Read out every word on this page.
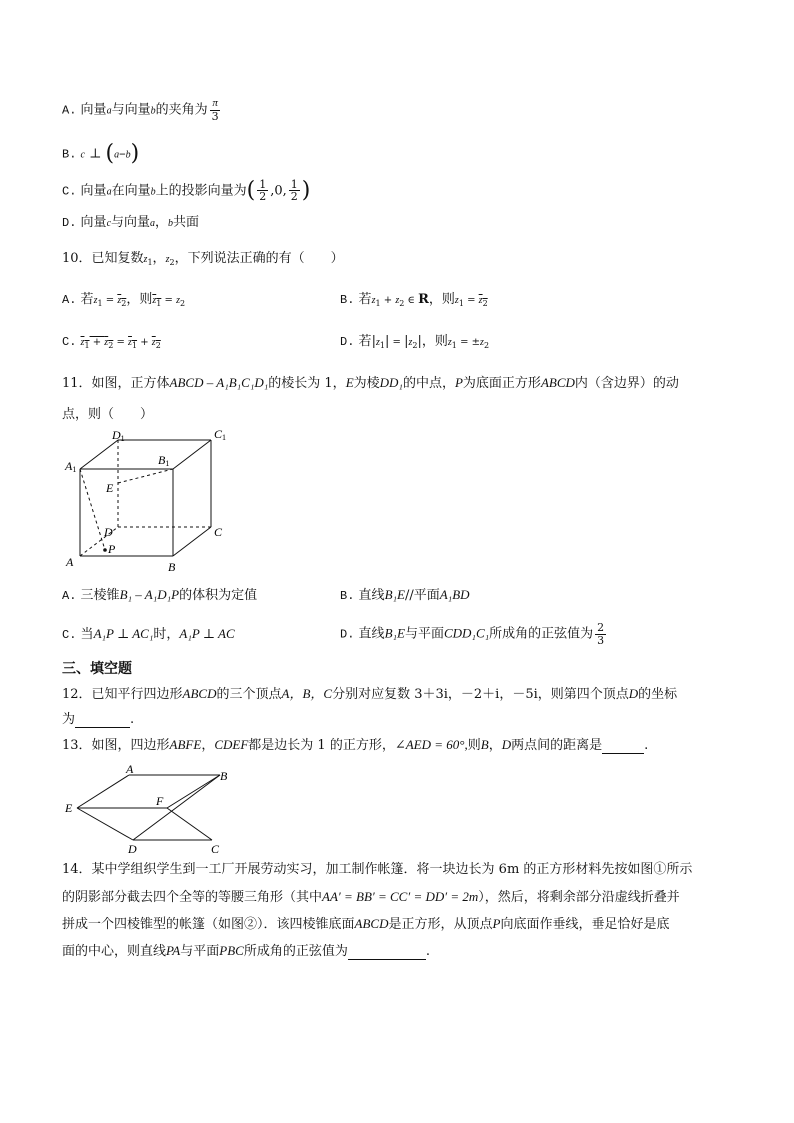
A. 向量a与向量b的夹角为 $\frac{\pi}{3}$
B. c ⊥ (a–b)
C. 向量a在向量b上的投影向量为( $\frac{1}{2} ,0$, $\frac{1}{2}$ )
D. 向量c与向量a，b共面
10．已知复数$z_1$，$z_2$，下列说法正确的有（　　）
A. 若$z_1 = z_2$，则$z_1 = z_2$	B. 若$z_1 + z_2$ ∈ R，则$z_1 = z_2$
C. $z_1 + z_2 = z_1 + z_2$	D. 若$|z_1| = |z_2|$，则$z_1 = \pm z_2$
11．如图，正方体ABCD – A₁B₁C₁D₁的棱长为 1，E为棱DD₁的中点，P为底面正方形ABCD内（含边界）的动
点，则（　　）
D1	C1
A1
B1
E
D	C
A	B
P
A. 三棱锥B₁ – A₁D₁P的体积为定值	B. 直线B₁E//平面A₁BD
C. 当A₁P ⊥ AC₁时，A₁P ⊥ AC	D. 直线B₁E与平面CDD₁C₁所成角的正弦值为 $\frac{2}{3}$
三、填空题
12．已知平行四边形ABCD的三个顶点A，B，C分别对应复数 3＋3i，－2＋i，－5i，则第四个顶点D的坐标
为	.
13．如图，四边形ABFE，CDEF都是边长为 1 的正方形，∠AED = 60°,则B，D两点间的距离是	.
A	B
E	F
D	C
14．某中学组织学生到一工厂开展劳动实习，加工制作帐篷．将一块边长为 6m 的正方形材料先按如图①所示
的阴影部分截去四个全等的等腰三角形（其中AA′ = BB′ = CC′ = DD′ = 2m），然后，将剩余部分沿虚线折叠并
拼成一个四棱锥型的帐篷（如图②）．该四棱锥底面ABCD是正方形，从顶点P向底面作垂线，垂足恰好是底
面的中心，则直线PA与平面PBC所成角的正弦值为	.
